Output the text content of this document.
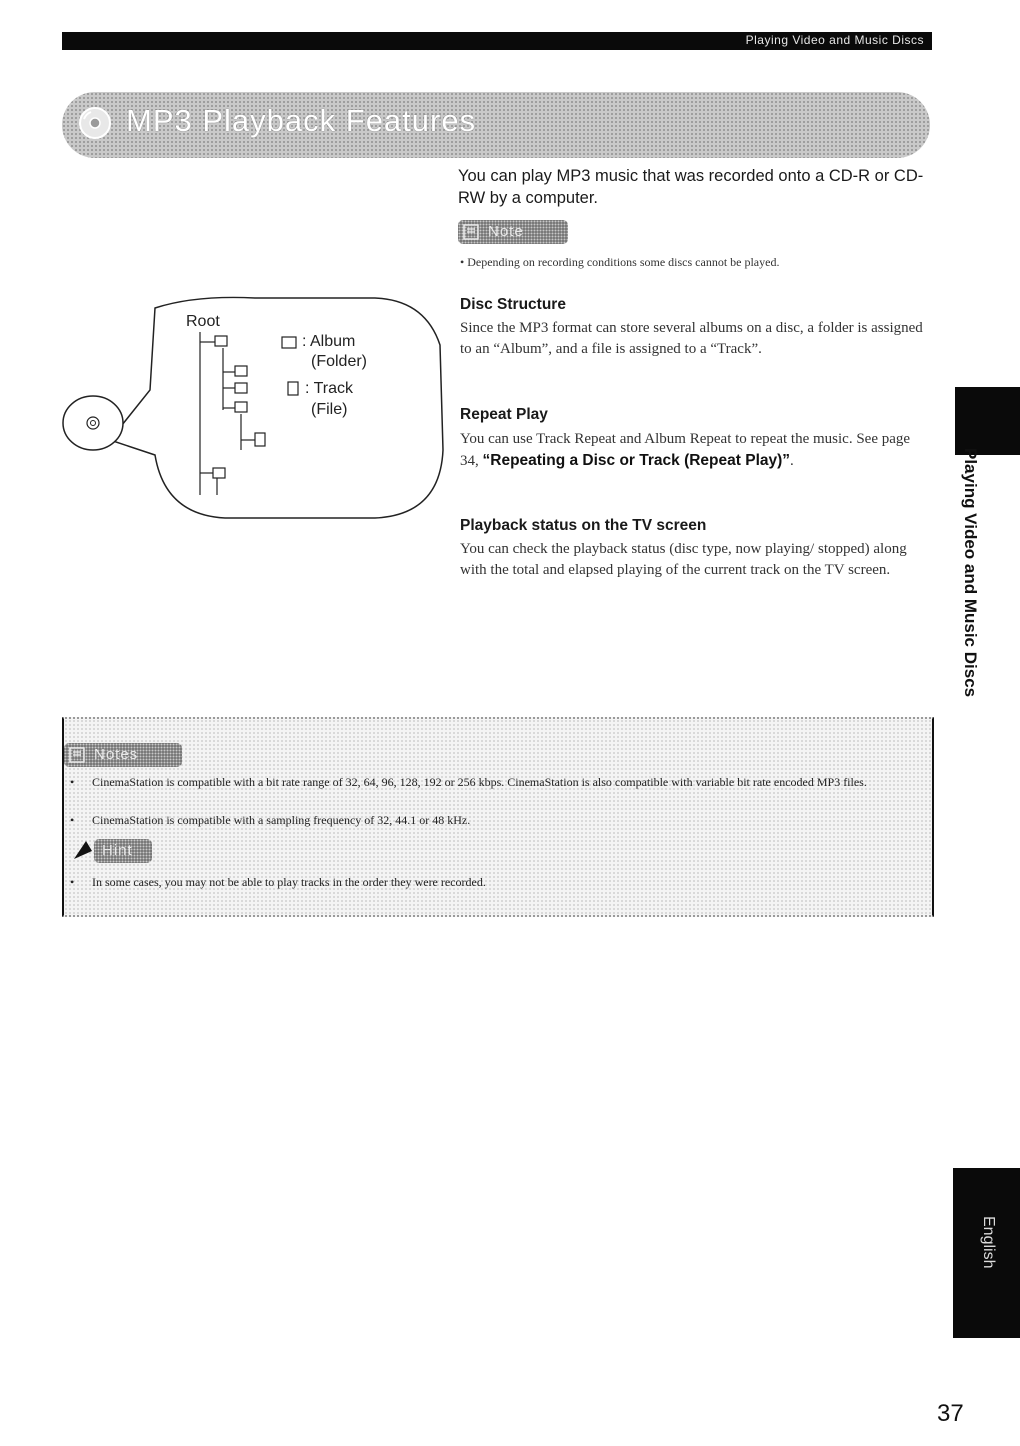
Playing Video and Music Discs
MP3 Playback Features
You can play MP3 music that was recorded onto a CD-R or CD-RW by a computer.
Note
• Depending on recording conditions some discs cannot be played.
Root
: Album
(Folder)
: Track
(File)
Disc Structure
Since the MP3 format can store several albums on a disc, a folder is assigned to an “Album”, and a file is assigned to a “Track”.
Repeat Play
You can use Track Repeat and Album Repeat to repeat the music. See page 34, “Repeating a Disc or Track (Repeat Play)”.
Playback status on the TV screen
You can check the playback status (disc type, now playing/ stopped) along with the total and elapsed playing of the current track on the TV screen.	Playing Video and Music Discs
Notes
• CinemaStation is compatible with a bit rate range of 32, 64, 96, 128, 192 or 256 kbps. CinemaStation is also compatible with variable bit rate encoded MP3 files.
• CinemaStation is compatible with a sampling frequency of 32, 44.1 or 48 kHz.
Hint
• In some cases, you may not be able to play tracks in the order they were recorded.
English
37
